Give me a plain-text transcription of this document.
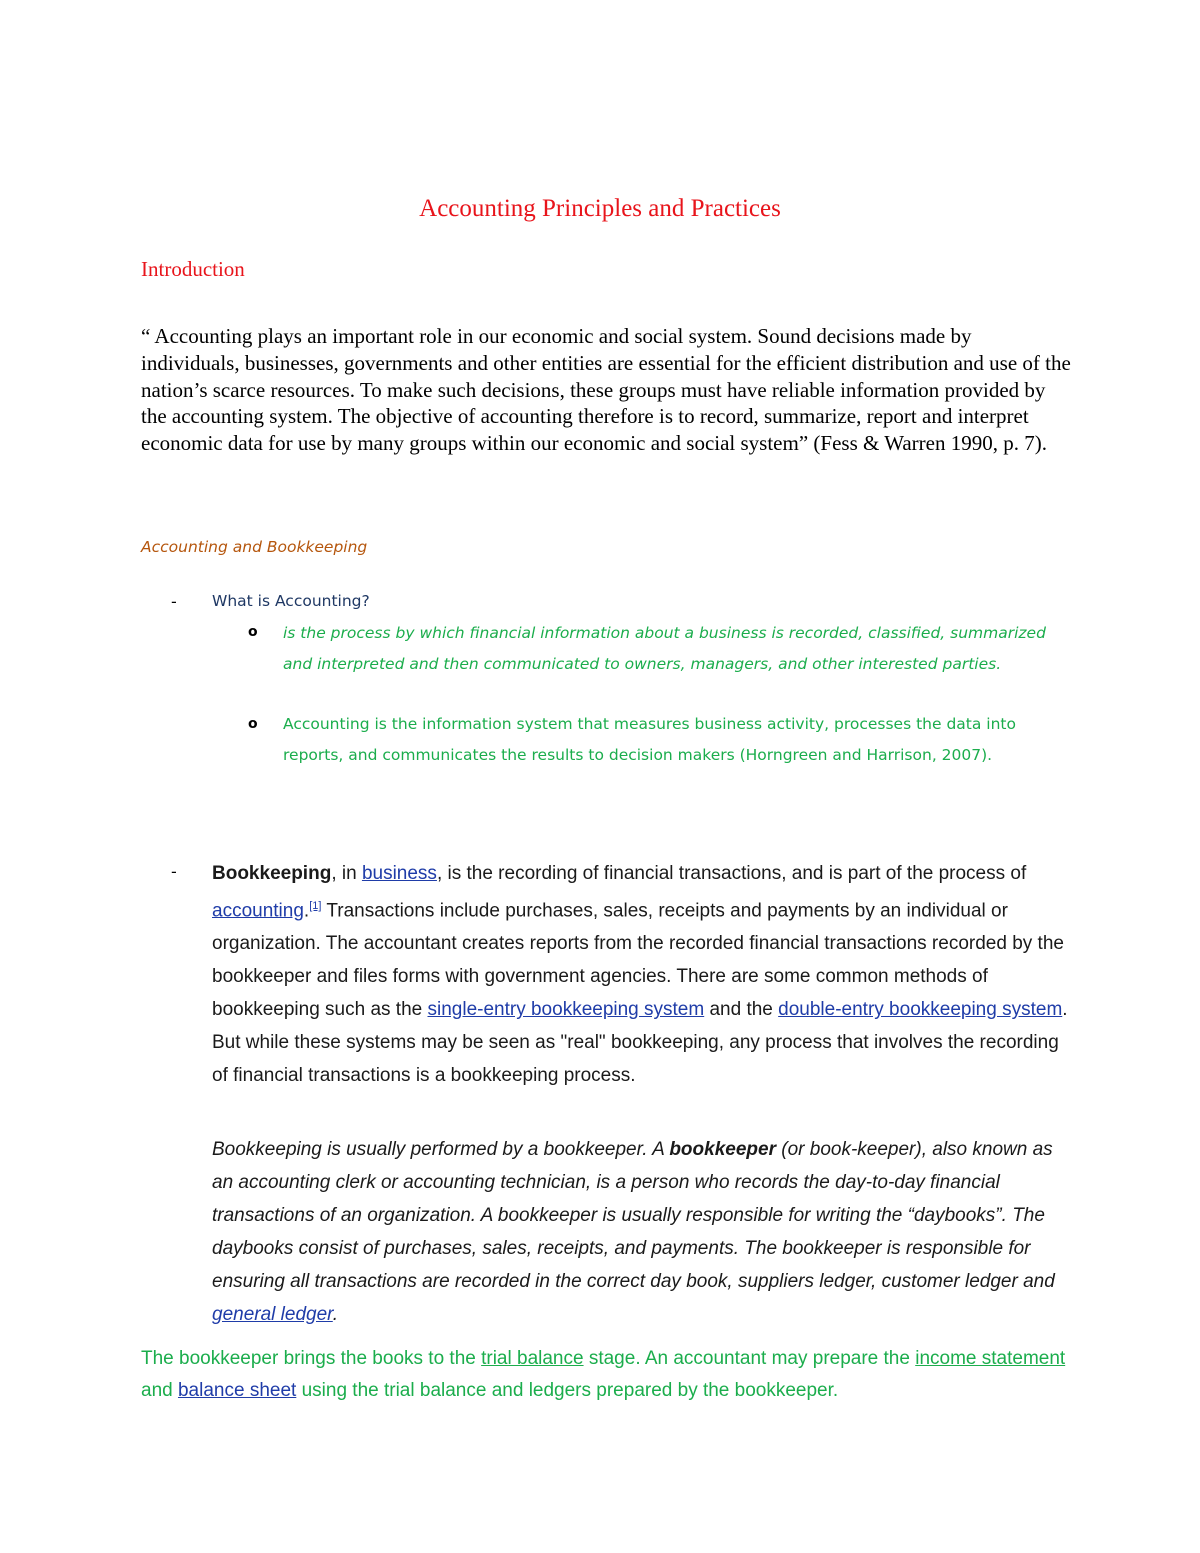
Accounting Principles and Practices
Introduction
“ Accounting plays an important role in our economic and social system. Sound decisions made by individuals, businesses, governments and other entities are essential for the efficient distribution and use of the nation’s scarce resources. To make such decisions, these groups must have reliable information provided by the accounting system. The objective of accounting therefore is to record, summarize, report and interpret economic data for use by many groups within our economic and social system” (Fess & Warren 1990, p. 7).
Accounting and Bookkeeping
- What is Accounting?
o is the process by which financial information about a business is recorded, classified, summarized and interpreted and then communicated to owners, managers, and other interested parties.
o Accounting is the information system that measures business activity, processes the data into reports, and communicates the results to decision makers (Horngreen and Harrison, 2007).
- Bookkeeping, in business, is the recording of financial transactions, and is part of the process of accounting.[1] Transactions include purchases, sales, receipts and payments by an individual or organization. The accountant creates reports from the recorded financial transactions recorded by the bookkeeper and files forms with government agencies. There are some common methods of bookkeeping such as the single-entry bookkeeping system and the double-entry bookkeeping system. But while these systems may be seen as "real" bookkeeping, any process that involves the recording of financial transactions is a bookkeeping process.
Bookkeeping is usually performed by a bookkeeper. A bookkeeper (or book-keeper), also known as an accounting clerk or accounting technician, is a person who records the day-to-day financial transactions of an organization. A bookkeeper is usually responsible for writing the “daybooks”. The daybooks consist of purchases, sales, receipts, and payments. The bookkeeper is responsible for ensuring all transactions are recorded in the correct day book, suppliers ledger, customer ledger and general ledger.
The bookkeeper brings the books to the trial balance stage. An accountant may prepare the income statement and balance sheet using the trial balance and ledgers prepared by the bookkeeper.
